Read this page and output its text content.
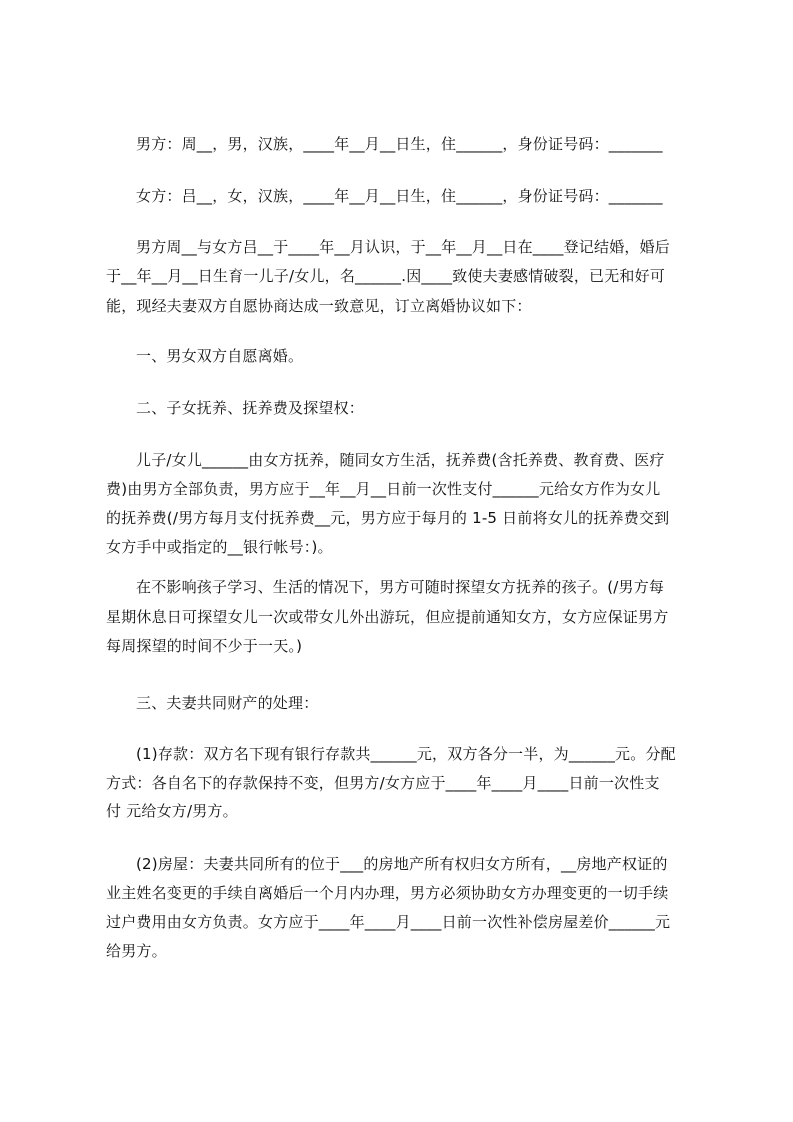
男方：周__，男，汉族，____年__月__日生，住______，身份证号码：_______
女方：吕__，女，汉族，____年__月__日生，住______，身份证号码：_______
男方周__与女方吕__于____年__月认识，于__年__月__日在____登记结婚，婚后
于__年__月__日生育一儿子/女儿，名______.因____致使夫妻感情破裂，已无和好可
能，现经夫妻双方自愿协商达成一致意见，订立离婚协议如下：
一、男女双方自愿离婚。
二、子女抚养、抚养费及探望权：
儿子/女儿______由女方抚养，随同女方生活，抚养费(含托养费、教育费、医疗
费)由男方全部负责，男方应于__年__月__日前一次性支付______元给女方作为女儿
的抚养费(/男方每月支付抚养费__元，男方应于每月的 1-5 日前将女儿的抚养费交到
女方手中或指定的__银行帐号：)。
在不影响孩子学习、生活的情况下，男方可随时探望女方抚养的孩子。(/男方每
星期休息日可探望女儿一次或带女儿外出游玩，但应提前通知女方，女方应保证男方
每周探望的时间不少于一天。)
三、夫妻共同财产的处理：
(1)存款：双方名下现有银行存款共______元，双方各分一半，为______元。分配
方式：各自名下的存款保持不变，但男方/女方应于____年____月____日前一次性支
付 元给女方/男方。
(2)房屋：夫妻共同所有的位于___的房地产所有权归女方所有，__房地产权证的
业主姓名变更的手续自离婚后一个月内办理，男方必须协助女方办理变更的一切手续
过户费用由女方负责。女方应于____年____月____日前一次性补偿房屋差价______元
给男方。
